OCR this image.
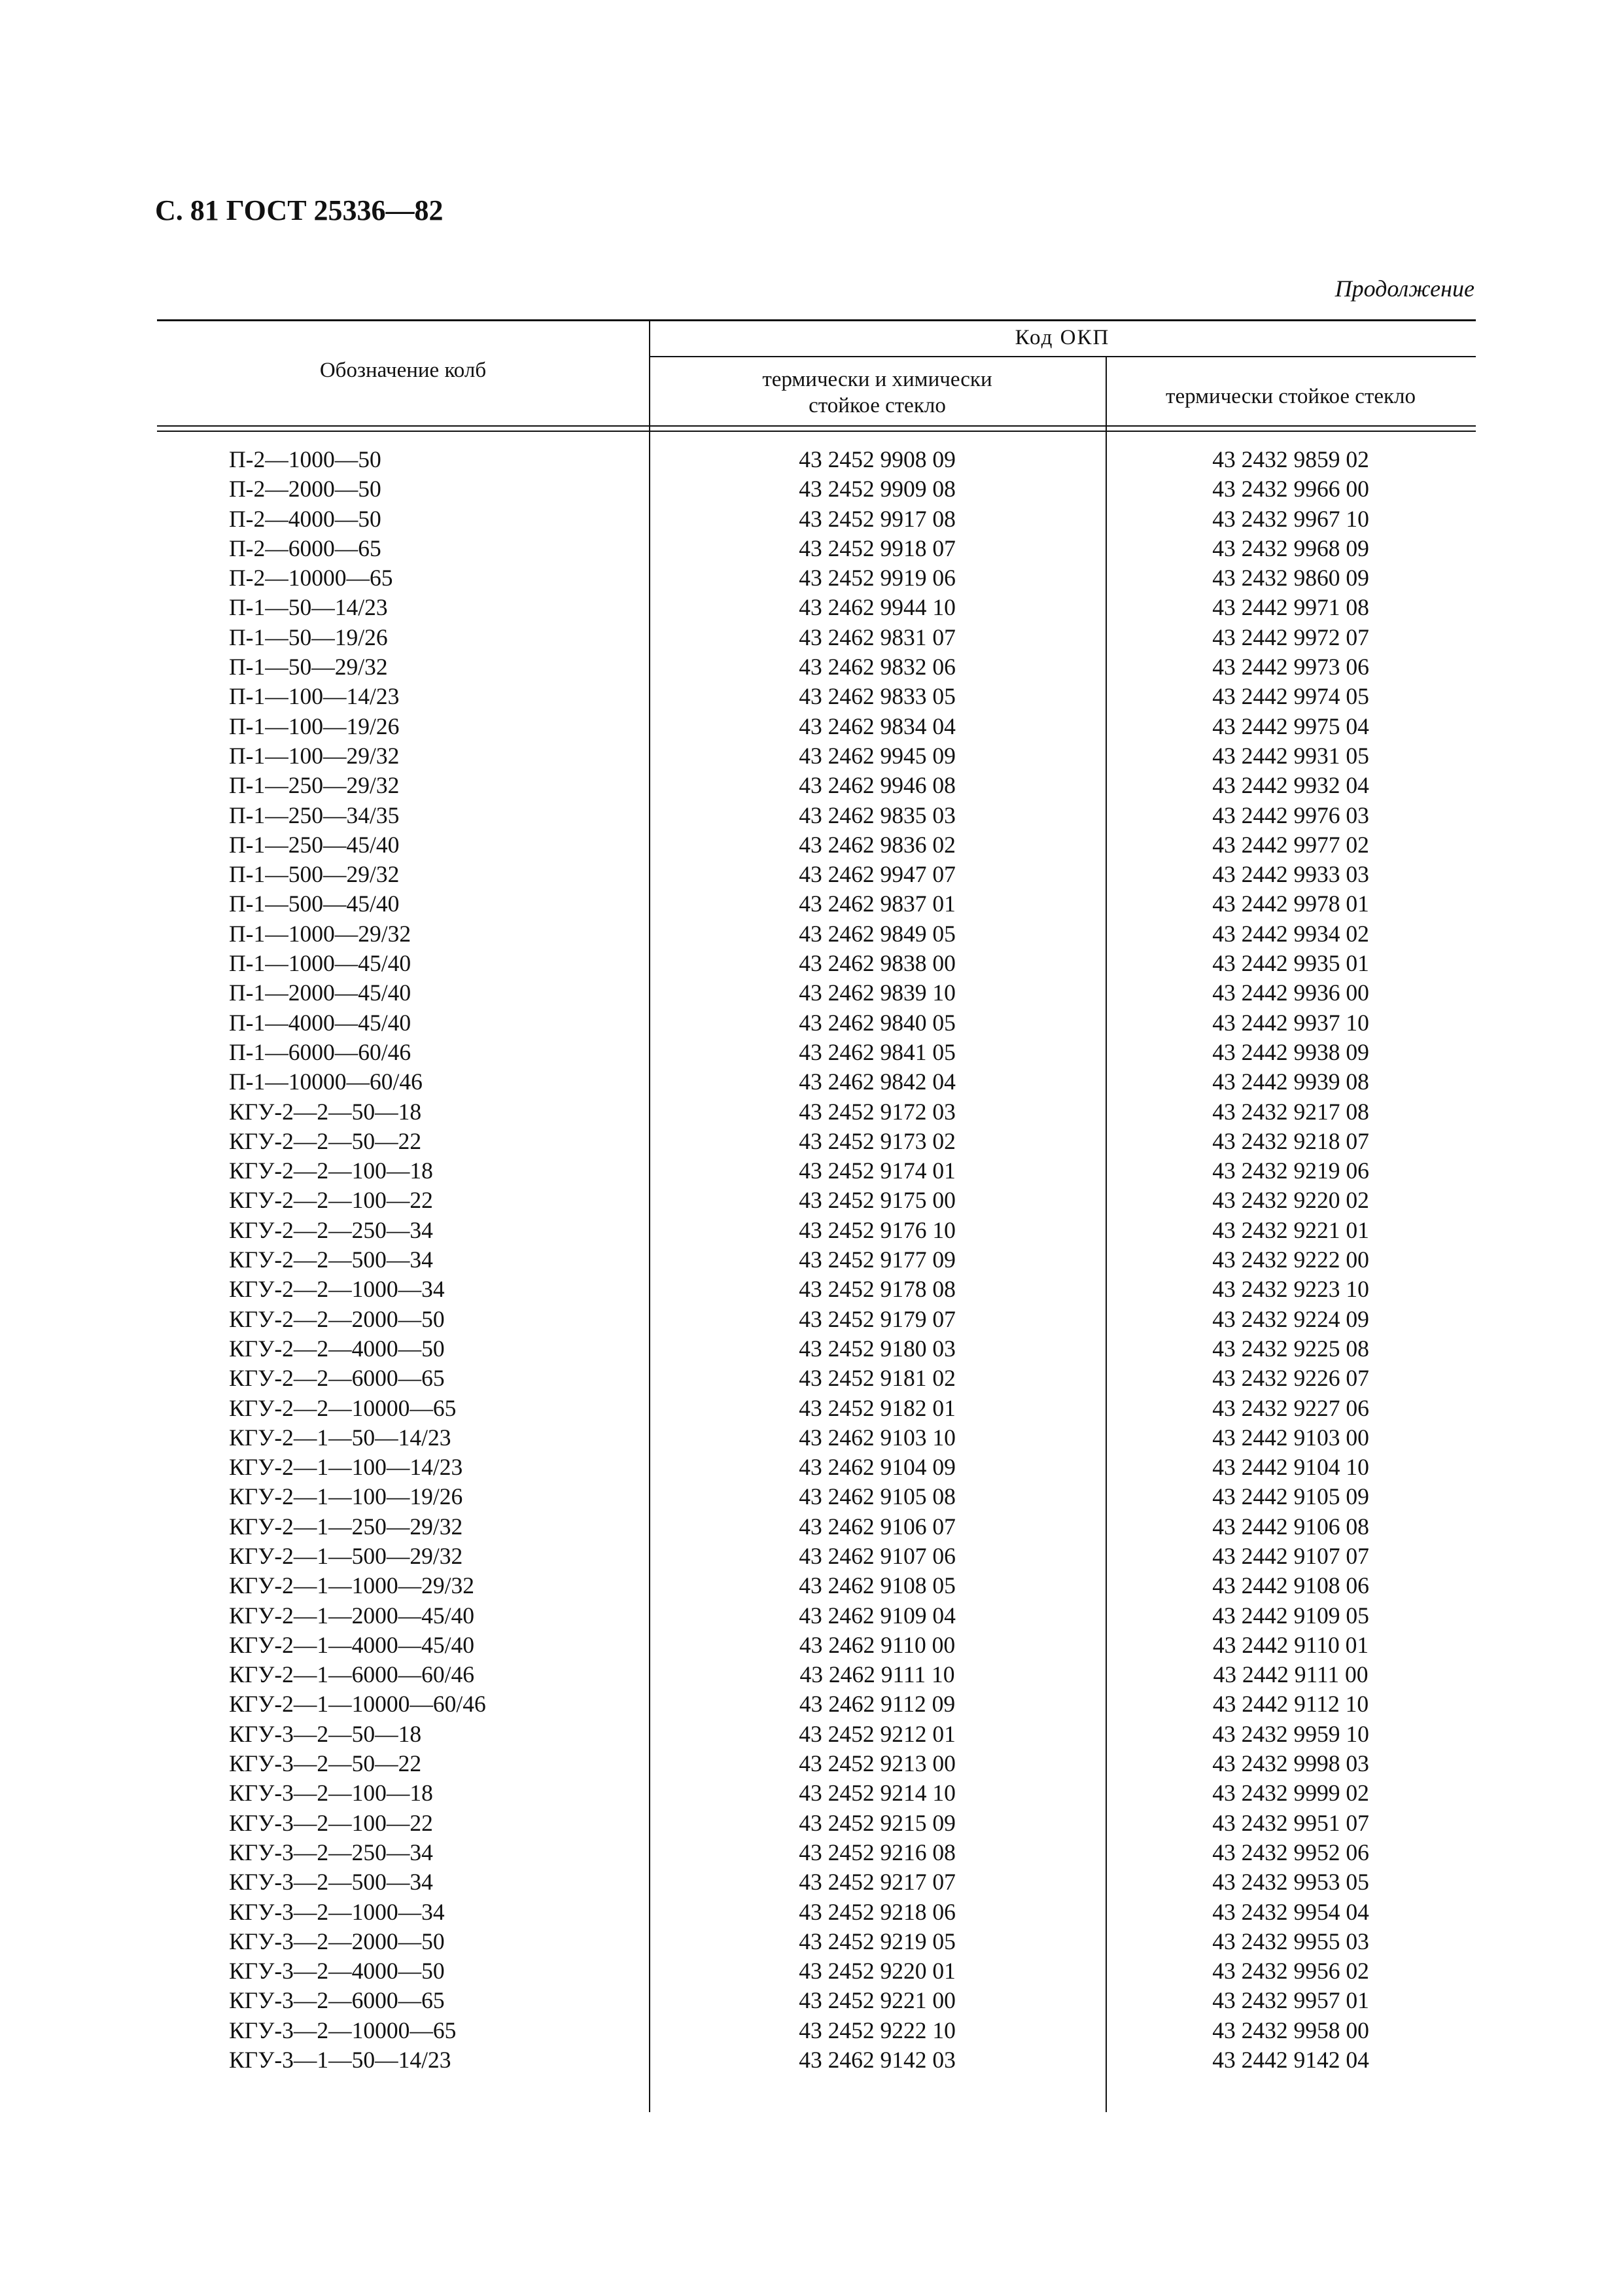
С. 81 ГОСТ 25336—82
Продолжение
Обозначение колб
Код ОКП
термически и химически
стойкое стекло	термически стойкое стекло
П-2—1000—50	43 2452 9908 09	43 2432 9859 02
П-2—2000—50	43 2452 9909 08	43 2432 9966 00
П-2—4000—50	43 2452 9917 08	43 2432 9967 10
П-2—6000—65	43 2452 9918 07	43 2432 9968 09
П-2—10000—65	43 2452 9919 06	43 2432 9860 09
П-1—50—14/23	43 2462 9944 10	43 2442 9971 08
П-1—50—19/26	43 2462 9831 07	43 2442 9972 07
П-1—50—29/32	43 2462 9832 06	43 2442 9973 06
П-1—100—14/23	43 2462 9833 05	43 2442 9974 05
П-1—100—19/26	43 2462 9834 04	43 2442 9975 04
П-1—100—29/32	43 2462 9945 09	43 2442 9931 05
П-1—250—29/32	43 2462 9946 08	43 2442 9932 04
П-1—250—34/35	43 2462 9835 03	43 2442 9976 03
П-1—250—45/40	43 2462 9836 02	43 2442 9977 02
П-1—500—29/32	43 2462 9947 07	43 2442 9933 03
П-1—500—45/40	43 2462 9837 01	43 2442 9978 01
П-1—1000—29/32	43 2462 9849 05	43 2442 9934 02
П-1—1000—45/40	43 2462 9838 00	43 2442 9935 01
П-1—2000—45/40	43 2462 9839 10	43 2442 9936 00
П-1—4000—45/40	43 2462 9840 05	43 2442 9937 10
П-1—6000—60/46	43 2462 9841 05	43 2442 9938 09
П-1—10000—60/46	43 2462 9842 04	43 2442 9939 08
КГУ-2—2—50—18	43 2452 9172 03	43 2432 9217 08
КГУ-2—2—50—22	43 2452 9173 02	43 2432 9218 07
КГУ-2—2—100—18	43 2452 9174 01	43 2432 9219 06
КГУ-2—2—100—22	43 2452 9175 00	43 2432 9220 02
КГУ-2—2—250—34	43 2452 9176 10	43 2432 9221 01
КГУ-2—2—500—34	43 2452 9177 09	43 2432 9222 00
КГУ-2—2—1000—34	43 2452 9178 08	43 2432 9223 10
КГУ-2—2—2000—50	43 2452 9179 07	43 2432 9224 09
КГУ-2—2—4000—50	43 2452 9180 03	43 2432 9225 08
КГУ-2—2—6000—65	43 2452 9181 02	43 2432 9226 07
КГУ-2—2—10000—65	43 2452 9182 01	43 2432 9227 06
КГУ-2—1—50—14/23	43 2462 9103 10	43 2442 9103 00
КГУ-2—1—100—14/23	43 2462 9104 09	43 2442 9104 10
КГУ-2—1—100—19/26	43 2462 9105 08	43 2442 9105 09
КГУ-2—1—250—29/32	43 2462 9106 07	43 2442 9106 08
КГУ-2—1—500—29/32	43 2462 9107 06	43 2442 9107 07
КГУ-2—1—1000—29/32	43 2462 9108 05	43 2442 9108 06
КГУ-2—1—2000—45/40	43 2462 9109 04	43 2442 9109 05
КГУ-2—1—4000—45/40	43 2462 9110 00	43 2442 9110 01
КГУ-2—1—6000—60/46	43 2462 9111 10	43 2442 9111 00
КГУ-2—1—10000—60/46	43 2462 9112 09	43 2442 9112 10
КГУ-3—2—50—18	43 2452 9212 01	43 2432 9959 10
КГУ-3—2—50—22	43 2452 9213 00	43 2432 9998 03
КГУ-3—2—100—18	43 2452 9214 10	43 2432 9999 02
КГУ-3—2—100—22	43 2452 9215 09	43 2432 9951 07
КГУ-3—2—250—34	43 2452 9216 08	43 2432 9952 06
КГУ-3—2—500—34	43 2452 9217 07	43 2432 9953 05
КГУ-3—2—1000—34	43 2452 9218 06	43 2432 9954 04
КГУ-3—2—2000—50	43 2452 9219 05	43 2432 9955 03
КГУ-3—2—4000—50	43 2452 9220 01	43 2432 9956 02
КГУ-3—2—6000—65	43 2452 9221 00	43 2432 9957 01
КГУ-3—2—10000—65	43 2452 9222 10	43 2432 9958 00
КГУ-3—1—50—14/23	43 2462 9142 03	43 2442 9142 04
